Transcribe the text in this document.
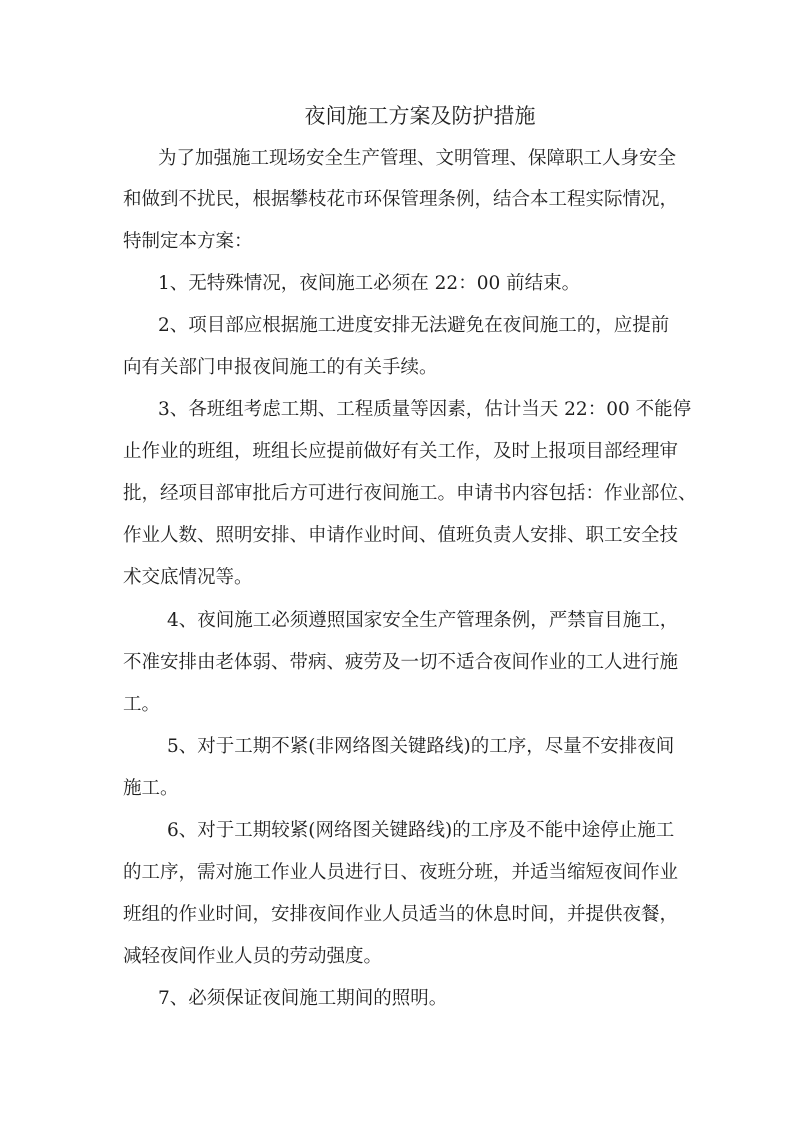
夜间施工方案及防护措施

为了加强施工现场安全生产管理、文明管理、保障职工人身安全

和做到不扰民，根据攀枝花市环保管理条例，结合本工程实际情况，

特制定本方案：

1、无特殊情况，夜间施工必须在 22：00 前结束。

2、项目部应根据施工进度安排无法避免在夜间施工的，应提前

向有关部门申报夜间施工的有关手续。

3、各班组考虑工期、工程质量等因素，估计当天 22：00 不能停

止作业的班组，班组长应提前做好有关工作，及时上报项目部经理审

批，经项目部审批后方可进行夜间施工。申请书内容包括：作业部位、

作业人数、照明安排、申请作业时间、值班负责人安排、职工安全技

术交底情况等。

4、夜间施工必须遵照国家安全生产管理条例，严禁盲目施工，

不准安排由老体弱、带病、疲劳及一切不适合夜间作业的工人进行施

工。

5、对于工期不紧(非网络图关键路线)的工序，尽量不安排夜间

施工。

6、对于工期较紧(网络图关键路线)的工序及不能中途停止施工

的工序，需对施工作业人员进行日、夜班分班，并适当缩短夜间作业

班组的作业时间，安排夜间作业人员适当的休息时间，并提供夜餐，

减轻夜间作业人员的劳动强度。

7、必须保证夜间施工期间的照明。
